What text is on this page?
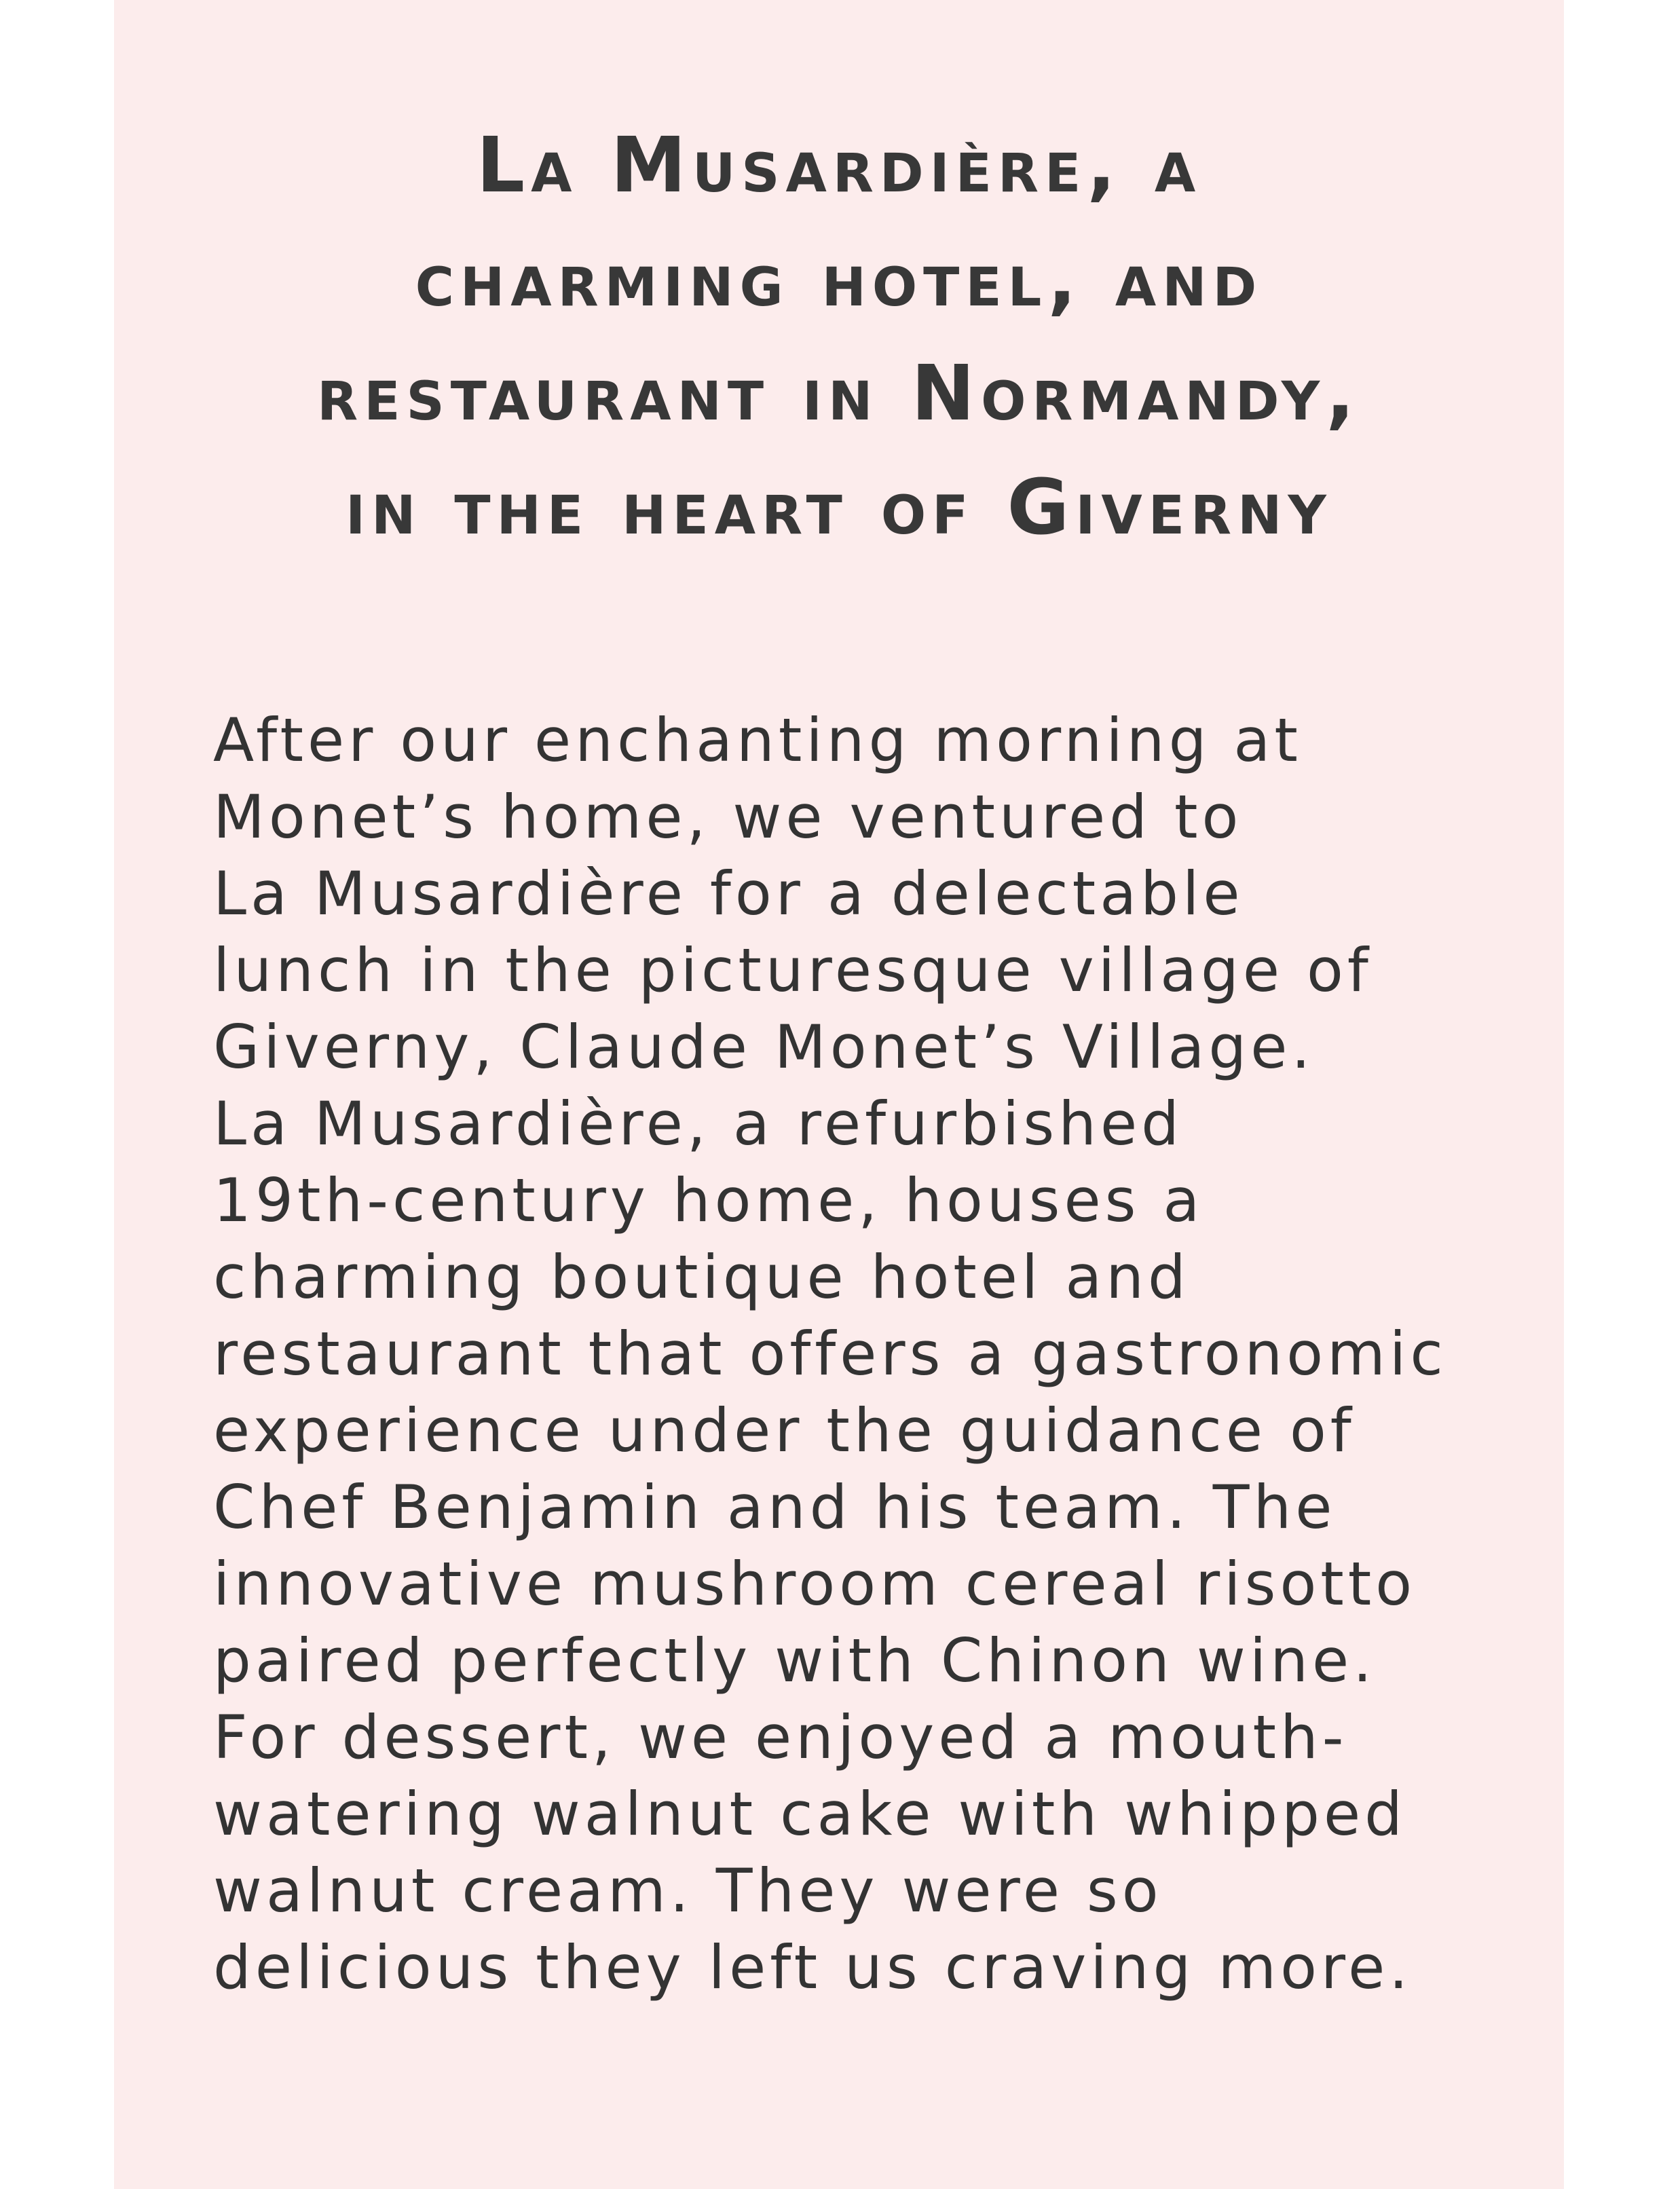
La Musardière, a
charming hotel, and
restaurant in Normandy,
in the heart of Giverny
After our enchanting morning at
Monet’s home, we ventured to
La Musardière for a delectable
lunch in the picturesque village of
Giverny, Claude Monet’s Village.
La Musardière, a refurbished
19th-century home, houses a
charming boutique hotel and
restaurant that offers a gastronomic
experience under the guidance of
Chef Benjamin and his team. The
innovative mushroom cereal risotto
paired perfectly with Chinon wine.
For dessert, we enjoyed a mouth-
watering walnut cake with whipped
walnut cream. They were so
delicious they left us craving more.
